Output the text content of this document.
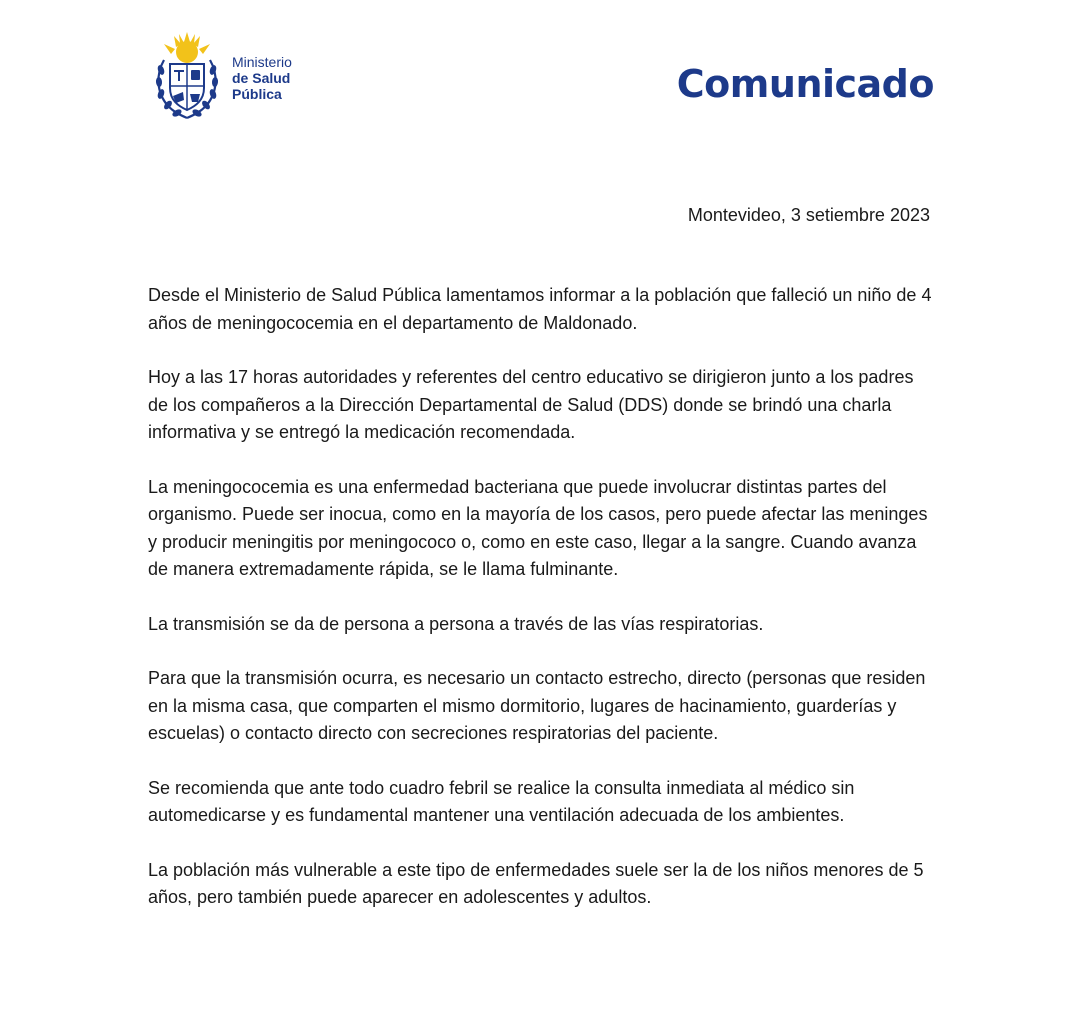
Ministerio
de Salud
Pública	Comunicado

Montevideo, 3 setiembre 2023

Desde el Ministerio de Salud Pública lamentamos informar a la población que falleció un niño de 4 años de meningococemia en el departamento de Maldonado.

Hoy a las 17 horas autoridades y referentes del centro educativo se dirigieron junto a los padres de los compañeros a la Dirección Departamental de Salud (DDS) donde se brindó una charla informativa y se entregó la medicación recomendada.

La meningococemia es una enfermedad bacteriana que puede involucrar distintas partes del organismo. Puede ser inocua, como en la mayoría de los casos, pero puede afectar las meninges y producir meningitis por meningococo o, como en este caso, llegar a la sangre. Cuando avanza de manera extremadamente rápida, se le llama fulminante.

La transmisión se da de persona a persona a través de las vías respiratorias.

Para que la transmisión ocurra, es necesario un contacto estrecho, directo (personas que residen en la misma casa, que comparten el mismo dormitorio, lugares de hacinamiento, guarderías y escuelas) o contacto directo con secreciones respiratorias del paciente.

Se recomienda que ante todo cuadro febril se realice la consulta inmediata al médico sin automedicarse y es fundamental mantener una ventilación adecuada de los ambientes.

La población más vulnerable a este tipo de enfermedades suele ser la de los niños menores de 5 años, pero también puede aparecer en adolescentes y adultos.
